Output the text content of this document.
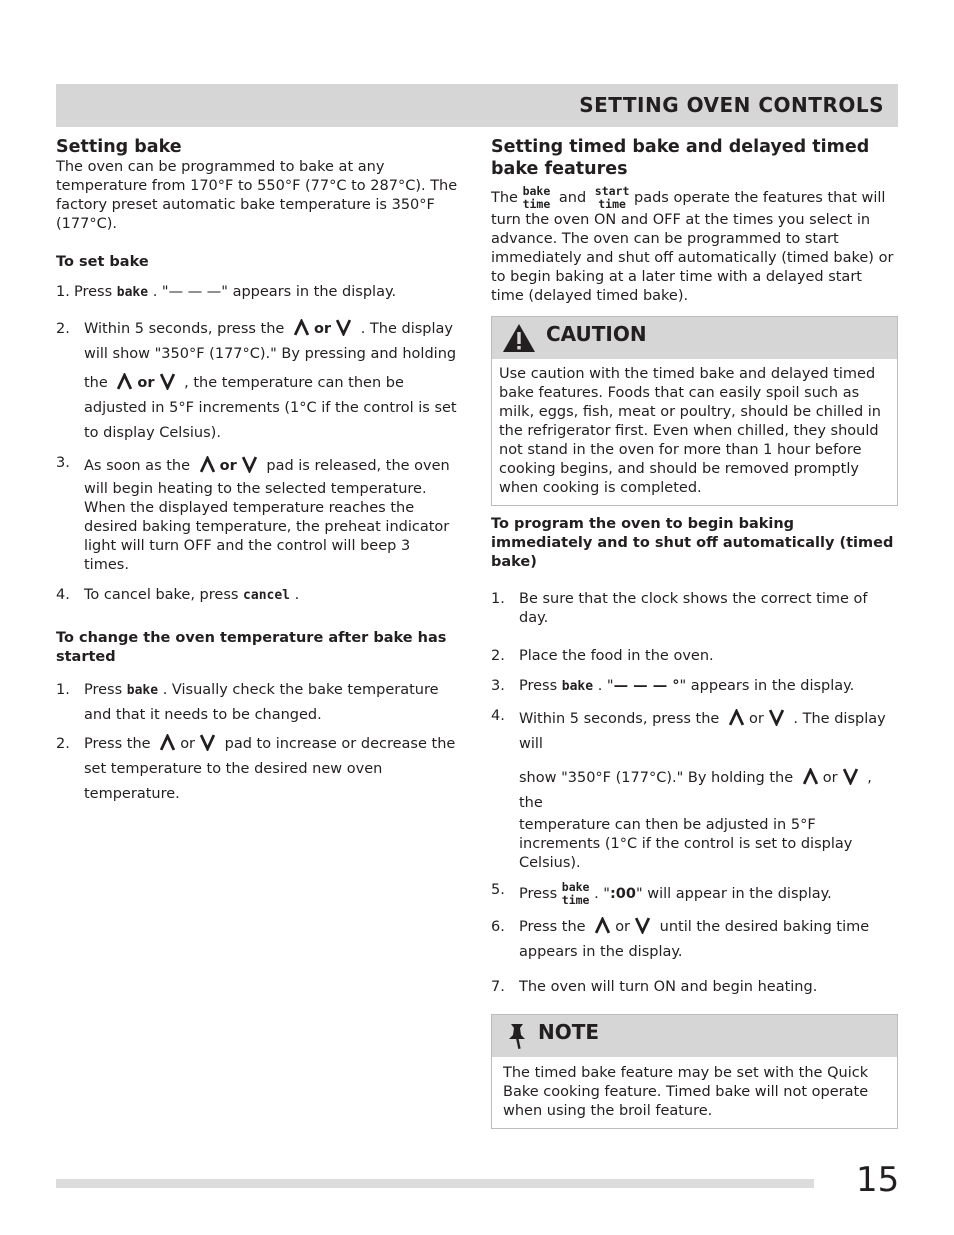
SETTING OVEN CONTROLS
Setting bake

The oven can be programmed to bake at any temperature from 170°F to 550°F (77°C to 287°C). The factory preset automatic bake temperature is 350°F (177°C).

To set bake
1. Press bake . "— — —" appears in the display.
2. Within 5 seconds, press the or . The display will show "350°F (177°C)." By pressing and holding
the or , the temperature can then be adjusted in 5°F increments (1°C if the control is set to display Celsius).
3. As soon as the or pad is released, the oven
will begin heating to the selected temperature. When the displayed temperature reaches the desired baking temperature, the preheat indicator light will turn OFF and the control will beep 3 times.
4. To cancel bake, press cancel .
To change the oven temperature after bake has started
1. Press bake . Visually check the bake temperature and that it needs to be changed.
2. Press the or pad to increase or decrease the set temperature to the desired new oven temperature.
Setting timed bake and delayed timed bake features

The bake
time and start
time pads operate the features that will turn the oven ON and OFF at the times you select in advance. The oven can be programmed to start immediately and shut off automatically (timed bake) or to begin baking at a later time with a delayed start time (delayed timed bake).

CAUTION
Use caution with the timed bake and delayed timed bake features. Foods that can easily spoil such as milk, eggs, fish, meat or poultry, should be chilled in the refrigerator first. Even when chilled, they should not stand in the oven for more than 1 hour before cooking begins, and should be removed promptly when cooking is completed.
To program the oven to begin baking immediately and to shut off automatically (timed bake)
1. Be sure that the clock shows the correct time of day.
2. Place the food in the oven.
3. Press bake . "— — — °" appears in the display.
4. Within 5 seconds, press the or . The display will
show "350°F (177°C)." By holding the or , the
temperature can then be adjusted in 5°F increments (1°C if the control is set to display Celsius).
5. Press bake
time . ":00" will appear in the display.
6. Press the or until the desired baking time appears in the display.
7. The oven will turn ON and begin heating.
NOTE
The timed bake feature may be set with the Quick Bake cooking feature. Timed bake will not operate when using the broil feature.
15
